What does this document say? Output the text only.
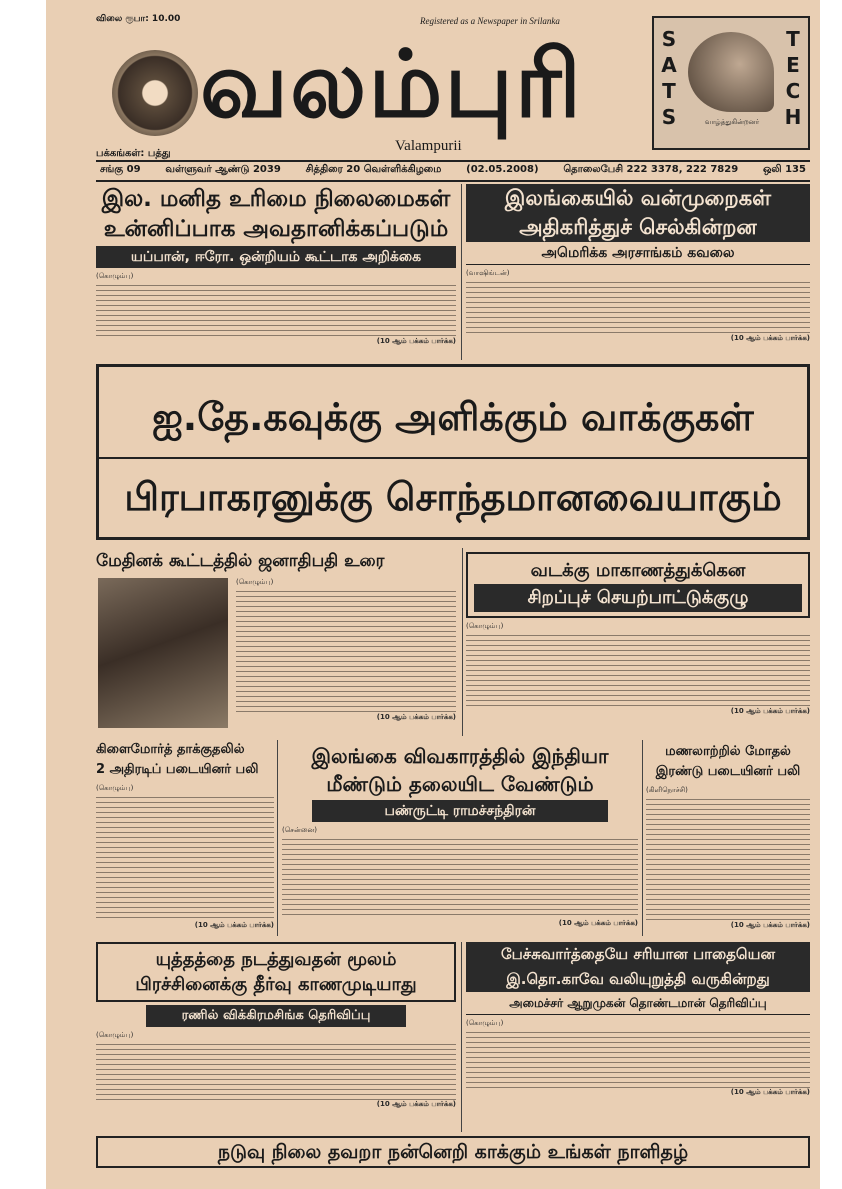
விலை ரூபா: 10.00	Registered as a Newspaper in Srilanka
வலம்புரி
Valampurii
பக்கங்கள்: பத்து
SATS
TECH
வாழ்த்துகின்றனர்
சங்கு 09 வள்ளுவர் ஆண்டு 2039 சித்திரை 20 வெள்ளிக்கிழமை (02.05.2008) தொலைபேசி 222 3378, 222 7829 ஒலி 135
இல. மனித உரிமை நிலைமைகள்
உன்னிப்பாக அவதானிக்கப்படும்
யப்பான், ஈரோ. ஒன்றியம் கூட்டாக அறிக்கை
(கொழும்பு)
(10 ஆம் பக்கம் பார்க்க)
இலங்கையில் வன்முறைகள்
அதிகரித்துச் செல்கின்றன
அமெரிக்க அரசாங்கம் கவலை
(வாஷிங்டன்)
(10 ஆம் பக்கம் பார்க்க)
ஐ.தே.கவுக்கு அளிக்கும் வாக்குகள்
பிரபாகரனுக்கு சொந்தமானவையாகும்
மேதினக் கூட்டத்தில் ஜனாதிபதி உரை
(கொழும்பு)
(10 ஆம் பக்கம் பார்க்க)
வடக்கு மாகாணத்துக்கென
சிறப்புச் செயற்பாட்டுக்குழு
(கொழும்பு)
(10 ஆம் பக்கம் பார்க்க)
கிளைமோர்த் தாக்குதலில்
2 அதிரடிப் படையினர் பலி
(கொழும்பு)
(10 ஆம் பக்கம் பார்க்க)
இலங்கை விவகாரத்தில் இந்தியா
மீண்டும் தலையிட வேண்டும்
பண்ருட்டி ராமச்சந்திரன்
(சென்னை)
(10 ஆம் பக்கம் பார்க்க)
மணலாற்றில் மோதல்
இரண்டு படையினர் பலி
(கிளிநொச்சி)
(10 ஆம் பக்கம் பார்க்க)
யுத்தத்தை நடத்துவதன் மூலம்
பிரச்சினைக்கு தீர்வு காணமுடியாது
ரணில் விக்கிரமசிங்க தெரிவிப்பு
(கொழும்பு)
(10 ஆம் பக்கம் பார்க்க)
பேச்சுவார்த்தையே சரியான பாதையென
இ.தொ.காவே வலியுறுத்தி வருகின்றது
அமைச்சர் ஆறுமுகன் தொண்டமான் தெரிவிப்பு
(கொழும்பு)
(10 ஆம் பக்கம் பார்க்க)
நடுவு நிலை தவறா நன்னெறி காக்கும் உங்கள் நாளிதழ்
